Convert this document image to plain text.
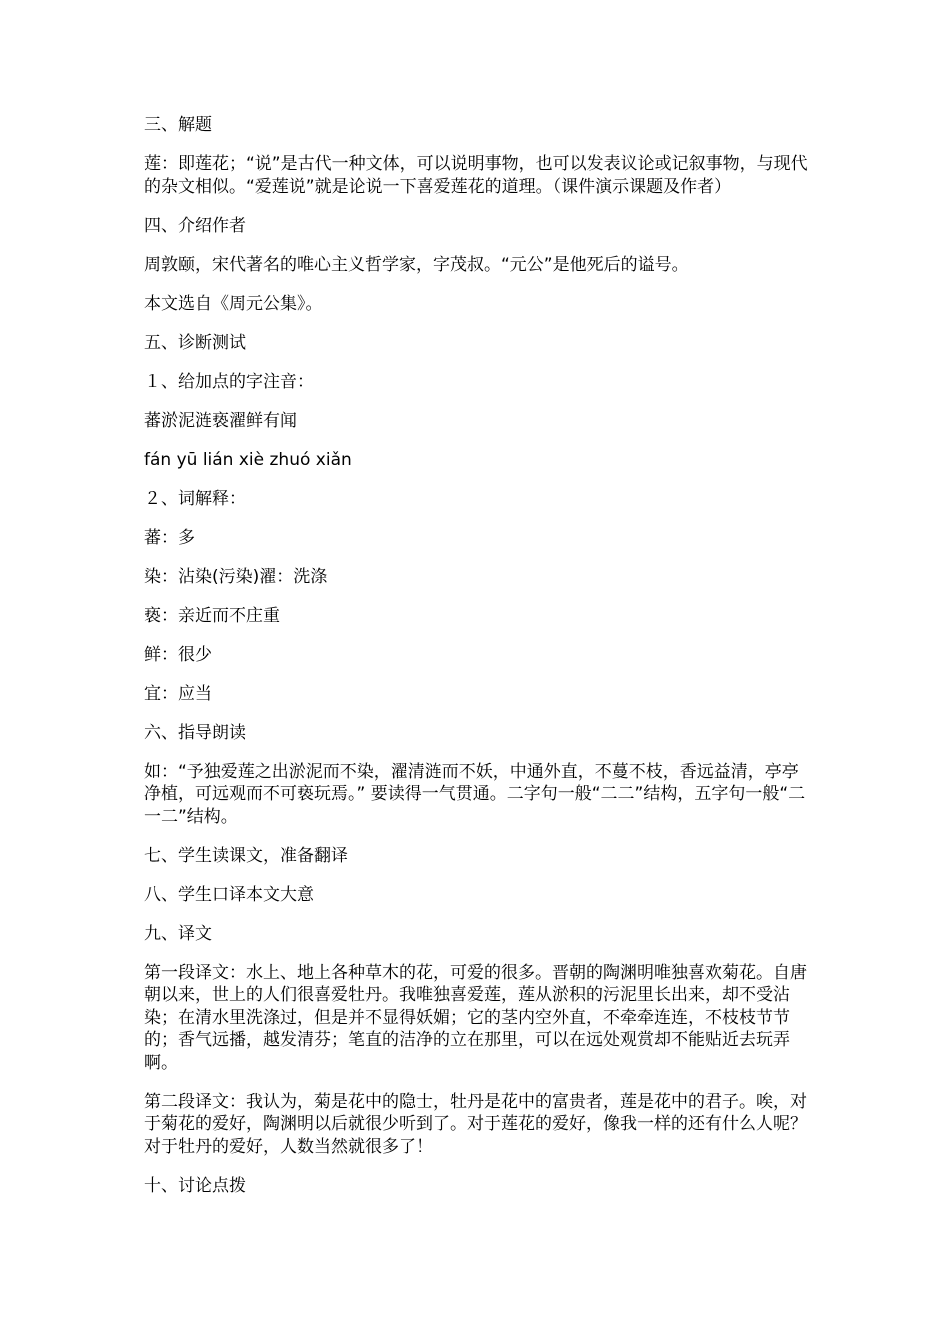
三、解题

莲：即莲花；“说”是古代一种文体，可以说明事物，也可以发表议论或记叙事物，与现代的杂文相似。“爱莲说”就是论说一下喜爱莲花的道理。（课件演示课题及作者）

四、介绍作者

周敦颐，宋代著名的唯心主义哲学家，字茂叔。“元公”是他死后的谥号。

本文选自《周元公集》。

五、诊断测试

１、给加点的字注音：

蕃淤泥涟亵濯鲜有闻

fán yū lián xiè zhuó xiǎn

２、词解释：

蕃：多

染：沾染(污染)濯：洗涤

亵：亲近而不庄重

鲜：很少

宜：应当

六、指导朗读

如：“予独爱莲之出淤泥而不染，濯清涟而不妖，中通外直，不蔓不枝，香远益清，亭亭净植，可远观而不可亵玩焉。” 要读得一气贯通。二字句一般“二二”结构，五字句一般“二一二”结构。

七、学生读课文，准备翻译

八、学生口译本文大意

九、译文

第一段译文：水上、地上各种草木的花，可爱的很多。晋朝的陶渊明唯独喜欢菊花。自唐朝以来，世上的人们很喜爱牡丹。我唯独喜爱莲，莲从淤积的污泥里长出来，却不受沾染；在清水里洗涤过，但是并不显得妖媚；它的茎内空外直，不牵牵连连，不枝枝节节的；香气远播，越发清芬；笔直的洁净的立在那里，可以在远处观赏却不能贴近去玩弄啊。

第二段译文：我认为，菊是花中的隐士，牡丹是花中的富贵者，莲是花中的君子。唉，对于菊花的爱好，陶渊明以后就很少听到了。对于莲花的爱好，像我一样的还有什么人呢？对于牡丹的爱好，人数当然就很多了！

十、讨论点拨
